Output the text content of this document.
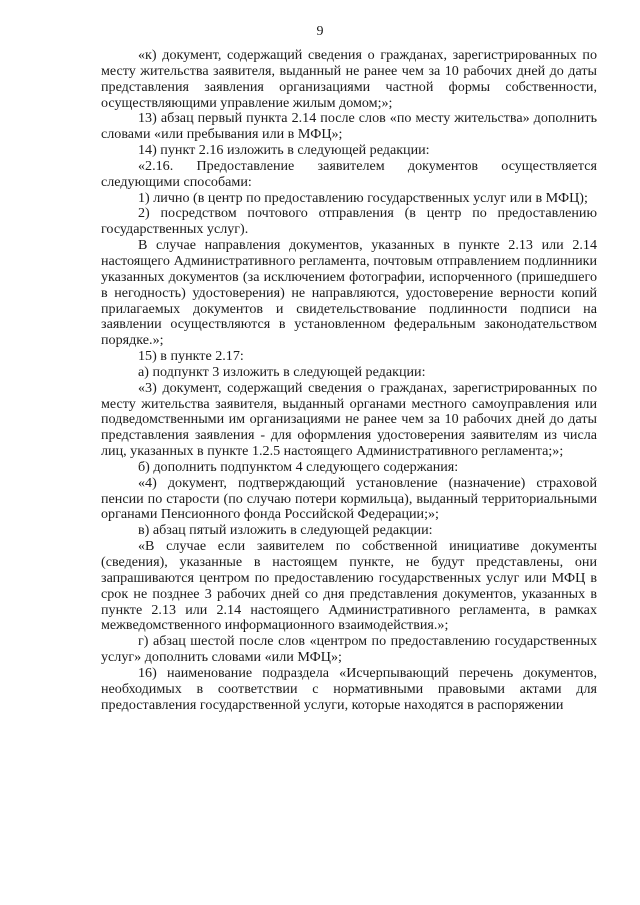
9

«к) документ, содержащий сведения о гражданах, зарегистрированных по месту жительства заявителя, выданный не ранее чем за 10 рабочих дней до даты представления заявления организациями частной формы собственности, осуществляющими управление жилым домом;»;

13) абзац первый пункта 2.14 после слов «по месту жительства» дополнить словами «или пребывания или в МФЦ»;

14) пункт 2.16 изложить в следующей редакции:

«2.16. Предоставление заявителем документов осуществляется следующими способами:

1) лично (в центр по предоставлению государственных услуг или в МФЦ);

2) посредством почтового отправления (в центр по предоставлению государственных услуг).

В случае направления документов, указанных в пункте 2.13 или 2.14 настоящего Административного регламента, почтовым отправлением подлинники указанных документов (за исключением фотографии, испорченного (пришедшего в негодность) удостоверения) не направляются, удостоверение верности копий прилагаемых документов и свидетельствование подлинности подписи на заявлении осуществляются в установленном федеральным законодательством порядке.»;

15) в пункте 2.17:

а) подпункт 3 изложить в следующей редакции:

«3) документ, содержащий сведения о гражданах, зарегистрированных по месту жительства заявителя, выданный органами местного самоуправления или подведомственными им организациями не ранее чем за 10 рабочих дней до даты представления заявления - для оформления удостоверения заявителям из числа лиц, указанных в пункте 1.2.5 настоящего Административного регламента;»;

б) дополнить подпунктом 4 следующего содержания:

«4) документ, подтверждающий установление (назначение) страховой пенсии по старости (по случаю потери кормильца), выданный территориальными органами Пенсионного фонда Российской Федерации;»;

в) абзац пятый изложить в следующей редакции:

«В случае если заявителем по собственной инициативе документы (сведения), указанные в настоящем пункте, не будут представлены, они запрашиваются центром по предоставлению государственных услуг или МФЦ в срок не позднее 3 рабочих дней со дня представления документов, указанных в пункте 2.13 или 2.14 настоящего Административного регламента, в рамках межведомственного информационного взаимодействия.»;

г) абзац шестой после слов «центром по предоставлению государственных услуг» дополнить словами «или МФЦ»;

16) наименование подраздела «Исчерпывающий перечень документов, необходимых в соответствии с нормативными правовыми актами для предоставления государственной услуги, которые находятся в распоряжении
